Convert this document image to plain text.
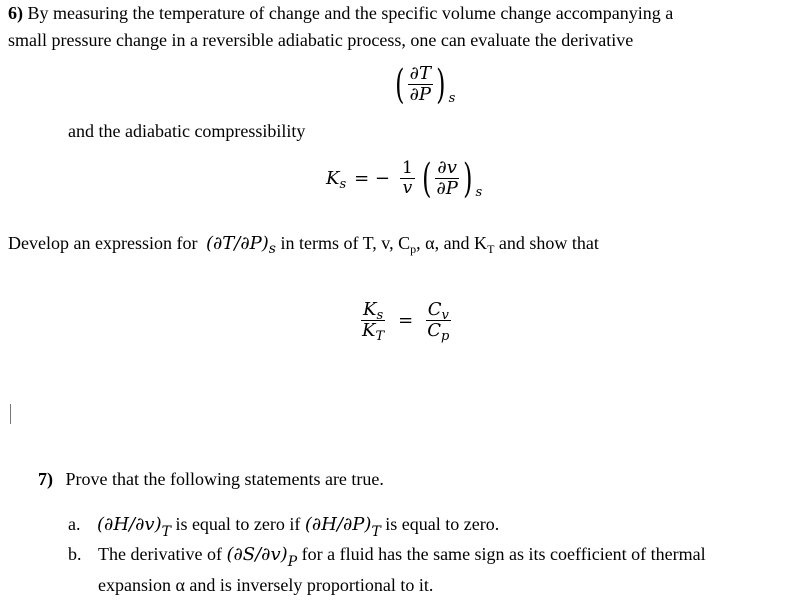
6) By measuring the temperature of change and the specific volume change accompanying a
small pressure change in a reversible adiabatic process, one can evaluate the derivative
( $\frac{\partial T}{\partial P}$ ) s
and the adiabatic compressibility
K s = − $\frac{1}{v}$ ( $\frac{\partial v}{\partial P}$ ) s
Develop an expression for $(\partial T/\partial P)_s$ in terms of T, v, $C_p$, α, and $K_T$ and show that
$\frac{K_s}{K_T} = \frac{C_v}{C_p}$
7) Prove that the following statements are true.
a. $(\partial H/\partial v)_T$ is equal to zero if $(\partial H/\partial P)_T$ is equal to zero.
b. The derivative of $(\partial S/\partial v)_P$ for a fluid has the same sign as its coefficient of thermal
expansion α and is inversely proportional to it.
